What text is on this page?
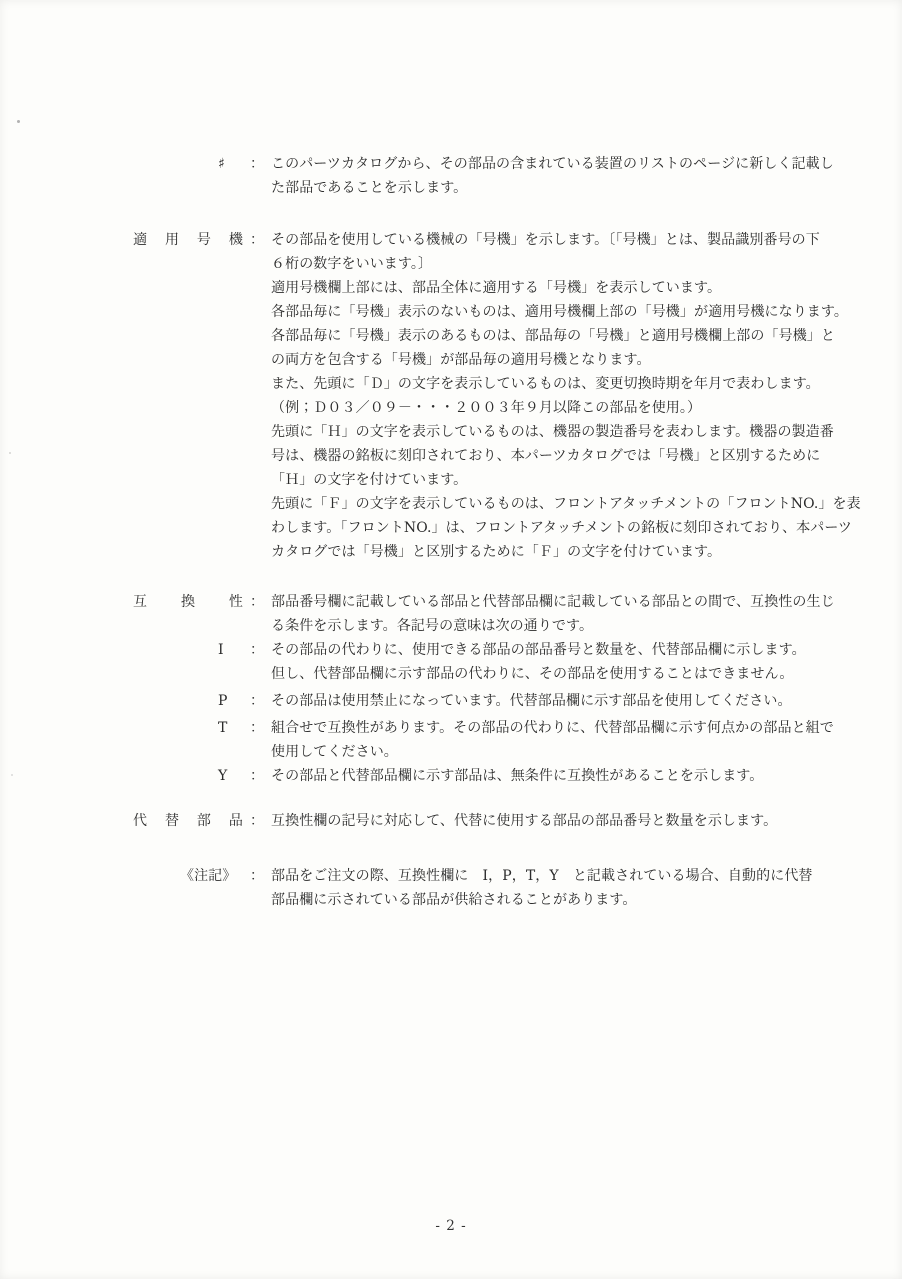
♯	： このパーツカタログから、その部品の含まれている装置のリストのページに新しく記載し
た部品であることを示します。
適 用 号 機 ： その部品を使用している機械の「号機」を示します。〔「号機」とは、製品識別番号の下
６桁の数字をいいます。〕
適用号機欄上部には、部品全体に適用する「号機」を表示しています。
各部品毎に「号機」表示のないものは、適用号機欄上部の「号機」が適用号機になります。
各部品毎に「号機」表示のあるものは、部品毎の「号機」と適用号機欄上部の「号機」と
の両方を包含する「号機」が部品毎の適用号機となります。
また、先頭に「Ｄ」の文字を表示しているものは、変更切換時期を年月で表わします。
（例；Ｄ０３／０９－・・・２００３年９月以降この部品を使用。）
先頭に「Ｈ」の文字を表示しているものは、機器の製造番号を表わします。機器の製造番
号は、機器の銘板に刻印されており、本パーツカタログでは「号機」と区別するために
「Ｈ」の文字を付けています。
先頭に「Ｆ」の文字を表示しているものは、フロントアタッチメントの「フロントNO.」を表
わします。「フロントNO.」は、フロントアタッチメントの銘板に刻印されており、本パーツ
カタログでは「号機」と区別するために「Ｆ」の文字を付けています。
互 換 性 ： 部品番号欄に記載している部品と代替部品欄に記載している部品との間で、互換性の生じ
る条件を示します。各記号の意味は次の通りです。
I	： その部品の代わりに、使用できる部品の部品番号と数量を、代替部品欄に示します。
但し、代替部品欄に示す部品の代わりに、その部品を使用することはできません。
P	： その部品は使用禁止になっています。代替部品欄に示す部品を使用してください。
T	： 組合せで互換性があります。その部品の代わりに、代替部品欄に示す何点かの部品と組で
使用してください。
Y	： その部品と代替部品欄に示す部品は、無条件に互換性があることを示します。
代 替 部 品 ： 互換性欄の記号に対応して、代替に使用する部品の部品番号と数量を示します。
《注記》 ： 部品をご注文の際、互換性欄に　I，P，T，Y　と記載されている場合、自動的に代替
部品欄に示されている部品が供給されることがあります。
- 2 -
